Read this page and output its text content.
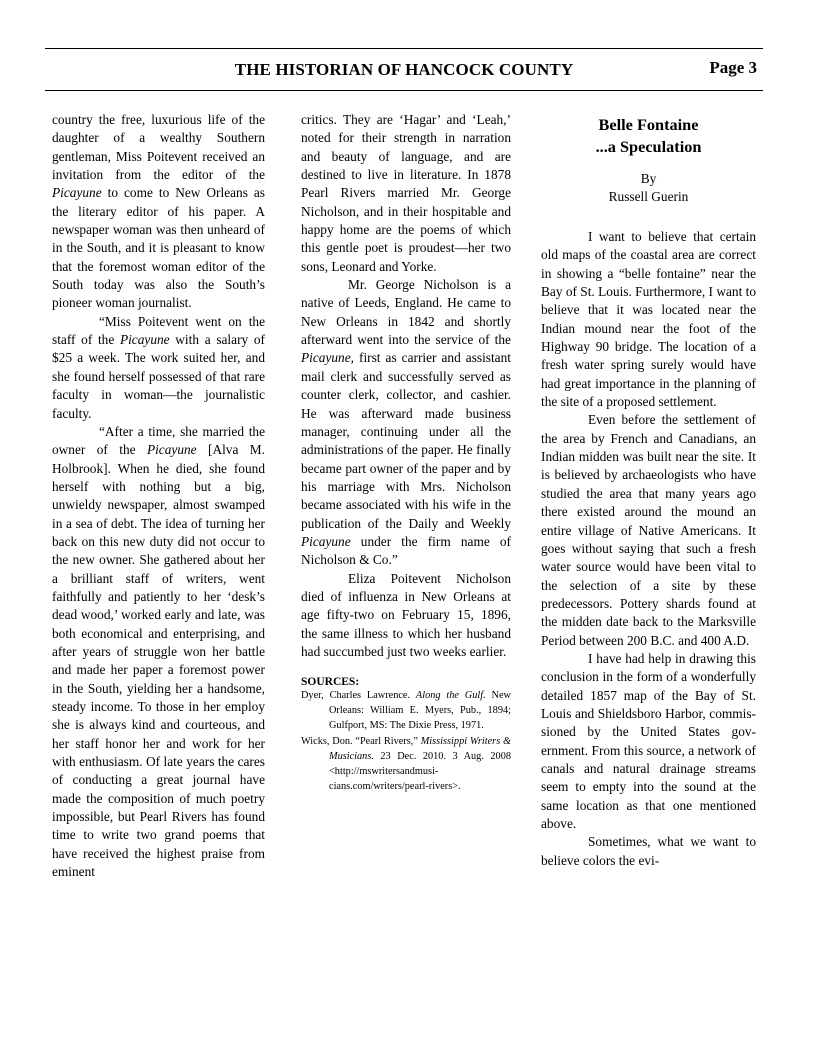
THE HISTORIAN OF HANCOCK COUNTY	Page 3

country the free, luxurious life of the daughter of a wealthy Southern gentleman, Miss Poitevent received an invitation from the editor of the Picayune to come to New Orleans as the literary editor of his paper. A newspaper woman was then unheard of in the South, and it is pleasant to know that the foremost woman editor of the South today was also the South’s pioneer woman journalist.

“Miss Poitevent went on the staff of the Picayune with a salary of $25 a week. The work suited her, and she found herself possessed of that rare faculty in woman—the journalistic faculty.

“After a time, she married the owner of the Picayune [Alva M. Holbrook]. When he died, she found herself with nothing but a big, unwieldy newspaper, almost swamped in a sea of debt. The idea of turning her back on this new duty did not occur to the new owner. She gathered about her a brilliant staff of writers, went faithfully and patiently to her ‘desk’s dead wood,’ worked early and late, was both economical and enterprising, and after years of struggle won her battle and made her paper a foremost power in the South, yielding her a handsome, steady income. To those in her employ she is always kind and courteous, and her staff honor her and work for her with enthusiasm. Of late years the cares of conducting a great journal have made the composition of much poetry impossible, but Pearl Rivers has found time to write two grand poems that have received the highest praise from eminent

critics. They are ‘Hagar’ and ‘Leah,’ noted for their strength in narration and beauty of language, and are destined to live in literature. In 1878 Pearl Rivers married Mr. George Nicholson, and in their hospitable and happy home are the poems of which this gentle poet is proudest—her two sons, Leonard and Yorke.

Mr. George Nicholson is a native of Leeds, England. He came to New Orleans in 1842 and shortly afterward went into the service of the Picayune, first as carrier and assistant mail clerk and successfully served as counter clerk, collector, and cashier. He was afterward made business manager, continuing under all the administrations of the paper. He finally became part owner of the paper and by his marriage with Mrs. Nicholson became associated with his wife in the publication of the Daily and Weekly Picayune under the firm name of Nicholson & Co.”

Eliza Poitevent Nicholson died of influenza in New Orleans at age fifty-two on February 15, 1896, the same illness to which her husband had succumbed just two weeks earlier.

SOURCES:

Dyer, Charles Lawrence. Along the Gulf. New Orleans: William E. Myers, Pub., 1894; Gulfport, MS: The Dixie Press, 1971.

Wicks, Don. “Pearl Rivers,” Mississippi Writers & Musicians. 23 Dec. 2010. 3 Aug. 2008 <http://mswritersandmusicians.com/writers/pearl-rivers>.

Belle Fontaine
...a Speculation
By
Russell Guerin

I want to believe that certain old maps of the coastal area are correct in showing a “belle fontaine” near the Bay of St. Louis. Furthermore, I want to believe that it was located near the Indian mound near the foot of the Highway 90 bridge. The location of a fresh water spring surely would have had great importance in the planning of the site of a proposed settlement.

Even before the settlement of the area by French and Canadians, an Indian midden was built near the site. It is believed by archaeologists who have studied the area that many years ago there existed around the mound an entire village of Native Americans. It goes without saying that such a fresh water source would have been vital to the selection of a site by these predecessors. Pottery shards found at the midden date back to the Marksville Period between 200 B.C. and 400 A.D.

I have had help in drawing this conclusion in the form of a wonderfully detailed 1857 map of the Bay of St. Louis and Shieldsboro Harbor, commissioned by the United States government. From this source, a network of canals and natural drainage streams seem to empty into the sound at the same location as that one mentioned above.

Sometimes, what we want to believe colors the evi-
